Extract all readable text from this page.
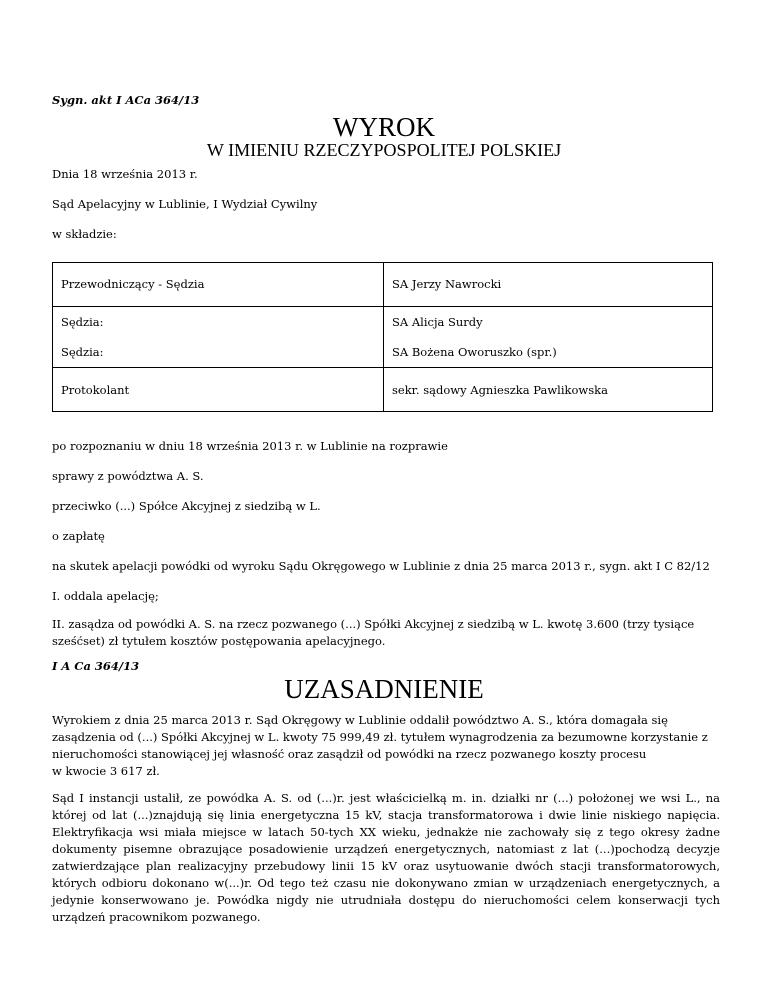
Sygn. akt I ACa 364/13

WYROK
W IMIENIU RZECZYPOSPOLITEJ POLSKIEJ

Dnia 18 września 2013 r.

Sąd Apelacyjny w Lublinie, I Wydział Cywilny

w składzie:

Przewodniczący - Sędzia	SA Jerzy Nawrocki
Sędzia:	SA Alicja Surdy
Sędzia:	SA Bożena Oworuszko (spr.)
Protokolant	sekr. sądowy Agnieszka Pawlikowska

po rozpoznaniu w dniu 18 września 2013 r. w Lublinie na rozprawie

sprawy z powództwa A. S.

przeciwko (...) Spółce Akcyjnej z siedzibą w L.

o zapłatę

na skutek apelacji powódki od wyroku Sądu Okręgowego w Lublinie z dnia 25 marca 2013 r., sygn. akt I C 82/12

I. oddala apelację;

II. zasądza od powódki A. S. na rzecz pozwanego (...) Spółki Akcyjnej z siedzibą w L. kwotę 3.600 (trzy tysiące sześćset) zł tytułem kosztów postępowania apelacyjnego.

I A Ca 364/13

UZASADNIENIE

Wyrokiem z dnia 25 marca 2013 r. Sąd Okręgowy w Lublinie oddalił powództwo A. S., która domagała się zasądzenia od (...) Spółki Akcyjnej w L. kwoty 75 999,49 zł. tytułem wynagrodzenia za bezumowne korzystanie z nieruchomości stanowiącej jej własność oraz zasądził od powódki na rzecz pozwanego koszty procesu
w kwocie 3 617 zł.

Sąd I instancji ustalił, ze powódka A. S. od (...)r. jest właścicielką m. in. działki nr (...) położonej we wsi L., na której od lat (...)znajdują się linia energetyczna 15 kV, stacja transformatorowa i dwie linie niskiego napięcia. Elektryfikacja wsi miała miejsce w latach 50-tych XX wieku, jednakże nie zachowały się z tego okresy żadne dokumenty pisemne obrazujące posadowienie urządzeń energetycznych, natomiast z lat (...)pochodzą decyzje zatwierdzające plan realizacyjny przebudowy linii 15 kV oraz usytuowanie dwóch stacji transformatorowych, których odbioru dokonano w(...)r. Od tego też czasu nie dokonywano zmian w urządzeniach energetycznych, a jedynie konserwowano je. Powódka nigdy nie utrudniała dostępu do nieruchomości celem konserwacji tych urządzeń pracownikom pozwanego.
